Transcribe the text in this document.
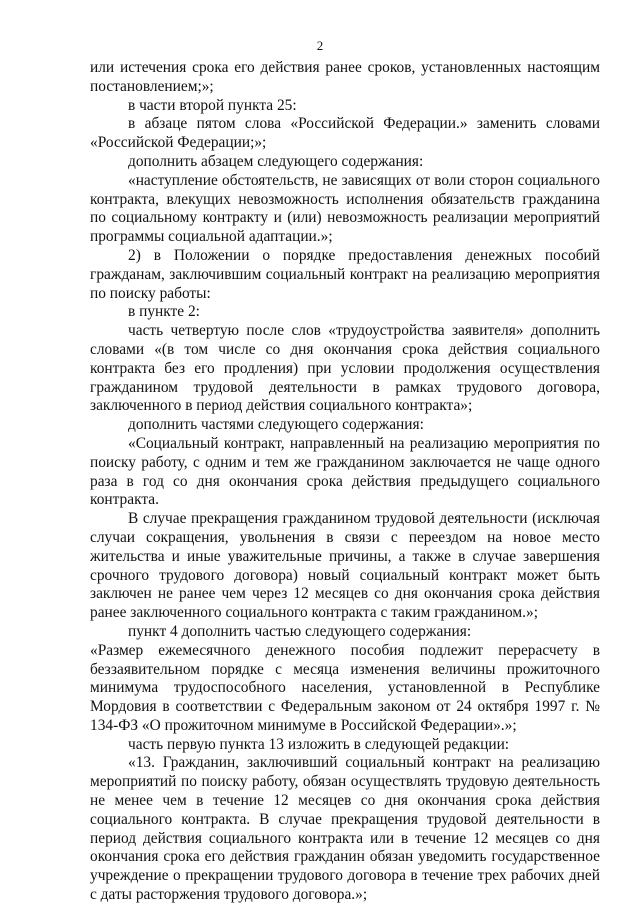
2

или истечения срока его действия ранее сроков, установленных настоящим постановлением;»;

в части второй пункта 25:

в абзаце пятом слова «Российской Федерации.» заменить словами «Российской Федерации;»;

дополнить абзацем следующего содержания:

«наступление обстоятельств, не зависящих от воли сторон социального контракта, влекущих невозможность исполнения обязательств гражданина по социальному контракту и (или) невозможность реализации мероприятий программы социальной адаптации.»;

2) в Положении о порядке предоставления денежных пособий гражданам, заключившим социальный контракт на реализацию мероприятия по поиску работы:

в пункте 2:

часть четвертую после слов «трудоустройства заявителя» дополнить словами «(в том числе со дня окончания срока действия социального контракта без его продления) при условии продолжения осуществления гражданином трудовой деятельности в рамках трудового договора, заключенного в период действия социального контракта»;

дополнить частями следующего содержания:

«Социальный контракт, направленный на реализацию мероприятия по поиску работу, с одним и тем же гражданином заключается не чаще одного раза в год со дня окончания срока действия предыдущего социального контракта.

В случае прекращения гражданином трудовой деятельности (исключая случаи сокращения, увольнения в связи с переездом на новое место жительства и иные уважительные причины, а также в случае завершения срочного трудового договора) новый социальный контракт может быть заключен не ранее чем через 12 месяцев со дня окончания срока действия ранее заключенного социального контракта с таким гражданином.»;

пункт 4 дополнить частью следующего содержания:

«Размер ежемесячного денежного пособия подлежит перерасчету в беззаявительном порядке с месяца изменения величины прожиточного минимума трудоспособного населения, установленной в Республике Мордовия в соответствии с Федеральным законом от 24 октября 1997 г. № 134-ФЗ «О прожиточном минимуме в Российской Федерации».»;

часть первую пункта 13 изложить в следующей редакции:

«13. Гражданин, заключивший социальный контракт на реализацию мероприятий по поиску работу, обязан осуществлять трудовую деятельность не менее чем в течение 12 месяцев со дня окончания срока действия социального контракта. В случае прекращения трудовой деятельности в период действия социального контракта или в течение 12 месяцев со дня окончания срока его действия гражданин обязан уведомить государственное учреждение о прекращении трудового договора в течение трех рабочих дней с даты расторжения трудового договора.»;
